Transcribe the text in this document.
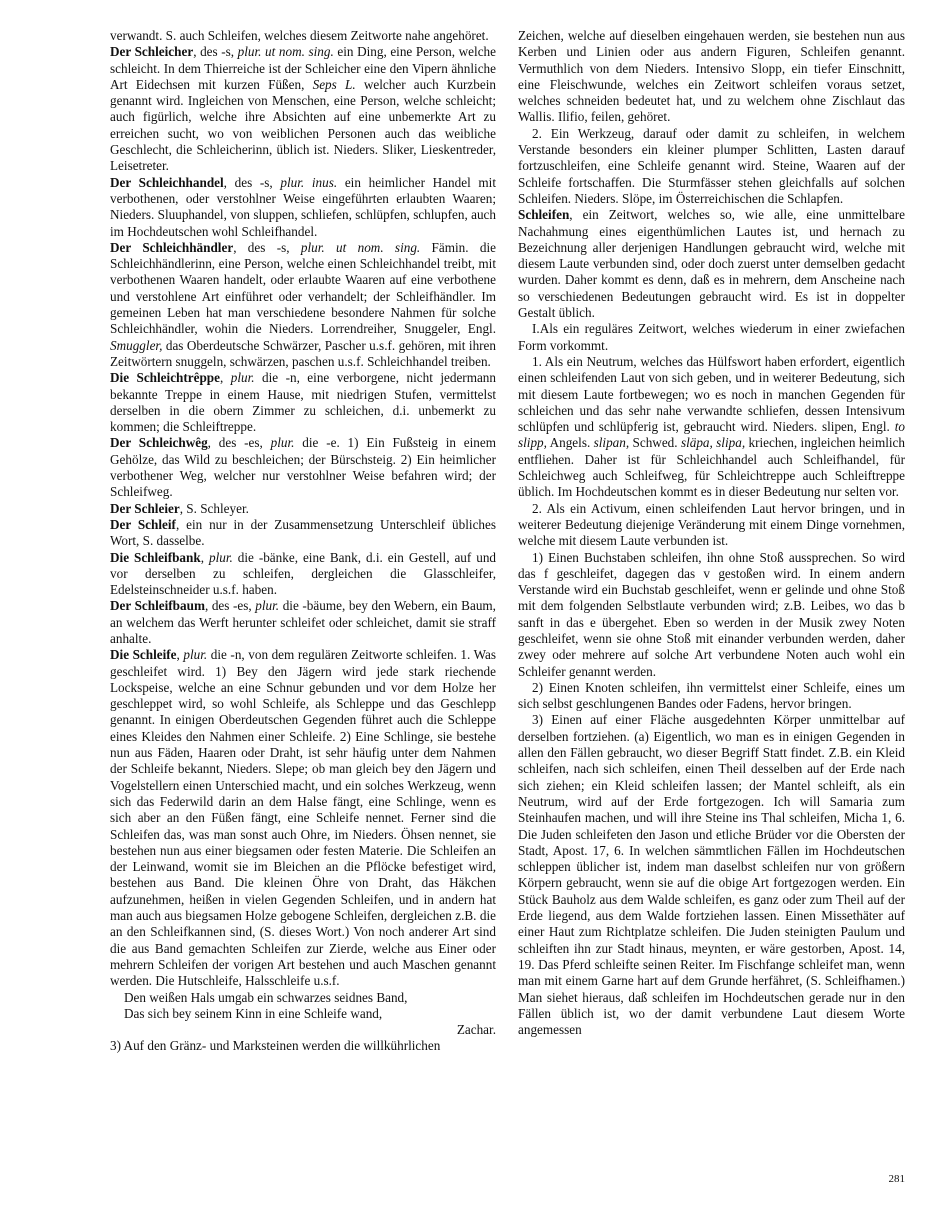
verwandt. S. auch Schleifen, welches diesem Zeitworte nahe angehöret.

Der Schleicher, des -s, plur. ut nom. sing. ein Ding, eine Person, welche schleicht. In dem Thierreiche ist der Schleicher eine den Vipern ähnliche Art Eidechsen mit kurzen Füßen, Seps L. welcher auch Kurzbein genannt wird. Ingleichen von Menschen, eine Person, welche schleicht; auch figürlich, welche ihre Absichten auf eine unbemerkte Art zu erreichen sucht, wo von weiblichen Personen auch das weibliche Geschlecht, die Schleicherinn, üblich ist. Nieders. Sliker, Lieskentreder, Leisetreter.

Der Schleichhandel, des -s, plur. inus. ein heimlicher Handel mit verbothenen, oder verstohlner Weise eingeführten erlaubten Waaren; Nieders. Sluuphandel, von sluppen, schliefen, schlüpfen, schlupfen, auch im Hochdeutschen wohl Schleifhandel.

Der Schleichhändler, des -s, plur. ut nom. sing. Fämin. die Schleichhändlerinn, eine Person, welche einen Schleichhandel treibt, mit verbothenen Waaren handelt, oder erlaubte Waaren auf eine verbothene und verstohlene Art einführet oder verhandelt; der Schleifhändler. Im gemeinen Leben hat man verschiedene besondere Nahmen für solche Schleichhändler, wohin die Nieders. Lorrendreiher, Snuggeler, Engl. Smuggler, das Oberdeutsche Schwärzer, Pascher u.s.f. gehören, mit ihren Zeitwörtern snuggeln, schwärzen, paschen u.s.f. Schleichhandel treiben.

Die Schleichtrêppe, plur. die -n, eine verborgene, nicht jedermann bekannte Treppe in einem Hause, mit niedrigen Stufen, vermittelst derselben in die obern Zimmer zu schleichen, d.i. unbemerkt zu kommen; die Schleiftreppe.

Der Schleichwêg, des -es, plur. die -e. 1) Ein Fußsteig in einem Gehölze, das Wild zu beschleichen; der Bürschsteig. 2) Ein heimlicher verbothener Weg, welcher nur verstohlner Weise befahren wird; der Schleifweg.

Der Schleier, S. Schleyer.

Der Schleif, ein nur in der Zusammensetzung Unterschleif übliches Wort, S. dasselbe.

Die Schleifbank, plur. die -bänke, eine Bank, d.i. ein Gestell, auf und vor derselben zu schleifen, dergleichen die Glasschleifer, Edelsteinschneider u.s.f. haben.

Der Schleifbaum, des -es, plur. die -bäume, bey den Webern, ein Baum, an welchem das Werft herunter schleifet oder schleichet, damit sie straff anhalte.

Die Schleife, plur. die -n, von dem regulären Zeitworte schleifen. 1. Was geschleifet wird. 1) Bey den Jägern wird jede stark riechende Lockspeise, welche an eine Schnur gebunden und vor dem Holze her geschleppet wird, so wohl Schleife, als Schleppe und das Geschlepp genannt. In einigen Oberdeutschen Gegenden führet auch die Schleppe eines Kleides den Nahmen einer Schleife. 2) Eine Schlinge, sie bestehe nun aus Fäden, Haaren oder Draht, ist sehr häufig unter dem Nahmen der Schleife bekannt, Nieders. Slepe; ob man gleich bey den Jägern und Vogelstellern einen Unterschied macht, und ein solches Werkzeug, wenn sich das Federwild darin an dem Halse fängt, eine Schlinge, wenn es sich aber an den Füßen fängt, eine Schleife nennet. Ferner sind die Schleifen das, was man sonst auch Ohre, im Nieders. Öhsen nennet, sie bestehen nun aus einer biegsamen oder festen Materie. Die Schleifen an der Leinwand, womit sie im Bleichen an die Pflöcke befestiget wird, bestehen aus Band. Die kleinen Öhre von Draht, das Häkchen aufzunehmen, heißen in vielen Gegenden Schleifen, und in andern hat man auch aus biegsamen Holze gebogene Schleifen, dergleichen z.B. die an den Schleifkannen sind, (S. dieses Wort.) Von noch anderer Art sind die aus Band gemachten Schleifen zur Zierde, welche aus Einer oder mehrern Schleifen der vorigen Art bestehen und auch Maschen genannt werden. Die Hutschleife, Halsschleife u.s.f.

Den weißen Hals umgab ein schwarzes seidnes Band,

Das sich bey seinem Kinn in eine Schleife wand,

Zachar.

3) Auf den Gränz- und Marksteinen werden die willkührlichen

Zeichen, welche auf dieselben eingehauen werden, sie bestehen nun aus Kerben und Linien oder aus andern Figuren, Schleifen genannt. Vermuthlich von dem Nieders. Intensivo Slopp, ein tiefer Einschnitt, eine Fleischwunde, welches ein Zeitwort schleifen voraus setzet, welches schneiden bedeutet hat, und zu welchem ohne Zischlaut das Wallis. Ilifio, feilen, gehöret.

2. Ein Werkzeug, darauf oder damit zu schleifen, in welchem Verstande besonders ein kleiner plumper Schlitten, Lasten darauf fortzuschleifen, eine Schleife genannt wird. Steine, Waaren auf der Schleife fortschaffen. Die Sturmfässer stehen gleichfalls auf solchen Schleifen. Nieders. Slöpe, im Österreichischen die Schlapfen.

Schleifen, ein Zeitwort, welches so, wie alle, eine unmittelbare Nachahmung eines eigenthümlichen Lautes ist, und hernach zu Bezeichnung aller derjenigen Handlungen gebraucht wird, welche mit diesem Laute verbunden sind, oder doch zuerst unter demselben gedacht wurden. Daher kommt es denn, daß es in mehrern, dem Anscheine nach so verschiedenen Bedeutungen gebraucht wird. Es ist in doppelter Gestalt üblich.

I.Als ein reguläres Zeitwort, welches wiederum in einer zwiefachen Form vorkommt.

1. Als ein Neutrum, welches das Hülfswort haben erfordert, eigentlich einen schleifenden Laut von sich geben, und in weiterer Bedeutung, sich mit diesem Laute fortbewegen; wo es noch in manchen Gegenden für schleichen und das sehr nahe verwandte schliefen, dessen Intensivum schlüpfen und schlüpferig ist, gebraucht wird. Nieders. slipen, Engl. to slipp, Angels. slipan, Schwed. släpa, slipa, kriechen, ingleichen heimlich entfliehen. Daher ist für Schleichhandel auch Schleifhandel, für Schleichweg auch Schleifweg, für Schleichtreppe auch Schleiftreppe üblich. Im Hochdeutschen kommt es in dieser Bedeutung nur selten vor.

2. Als ein Activum, einen schleifenden Laut hervor bringen, und in weiterer Bedeutung diejenige Veränderung mit einem Dinge vornehmen, welche mit diesem Laute verbunden ist.

1) Einen Buchstaben schleifen, ihn ohne Stoß aussprechen. So wird das f geschleifet, dagegen das v gestoßen wird. In einem andern Verstande wird ein Buchstab geschleifet, wenn er gelinde und ohne Stoß mit dem folgenden Selbstlaute verbunden wird; z.B. Leibes, wo das b sanft in das e übergehet. Eben so werden in der Musik zwey Noten geschleifet, wenn sie ohne Stoß mit einander verbunden werden, daher zwey oder mehrere auf solche Art verbundene Noten auch wohl ein Schleifer genannt werden.

2) Einen Knoten schleifen, ihn vermittelst einer Schleife, eines um sich selbst geschlungenen Bandes oder Fadens, hervor bringen.

3) Einen auf einer Fläche ausgedehnten Körper unmittelbar auf derselben fortziehen. (a) Eigentlich, wo man es in einigen Gegenden in allen den Fällen gebraucht, wo dieser Begriff Statt findet. Z.B. ein Kleid schleifen, nach sich schleifen, einen Theil desselben auf der Erde nach sich ziehen; ein Kleid schleifen lassen; der Mantel schleift, als ein Neutrum, wird auf der Erde fortgezogen. Ich will Samaria zum Steinhaufen machen, und will ihre Steine ins Thal schleifen, Micha 1, 6. Die Juden schleifeten den Jason und etliche Brüder vor die Obersten der Stadt, Apost. 17, 6. In welchen sämmtlichen Fällen im Hochdeutschen schleppen üblicher ist, indem man daselbst schleifen nur von größern Körpern gebraucht, wenn sie auf die obige Art fortgezogen werden. Ein Stück Bauholz aus dem Walde schleifen, es ganz oder zum Theil auf der Erde liegend, aus dem Walde fortziehen lassen. Einen Missethäter auf einer Haut zum Richtplatze schleifen. Die Juden steinigten Paulum und schleiften ihn zur Stadt hinaus, meynten, er wäre gestorben, Apost. 14, 19. Das Pferd schleifte seinen Reiter. Im Fischfange schleifet man, wenn man mit einem Garne hart auf dem Grunde herfähret, (S. Schleifhamen.) Man siehet hieraus, daß schleifen im Hochdeutschen gerade nur in den Fällen üblich ist, wo der damit verbundene Laut diesem Worte angemessen

281
